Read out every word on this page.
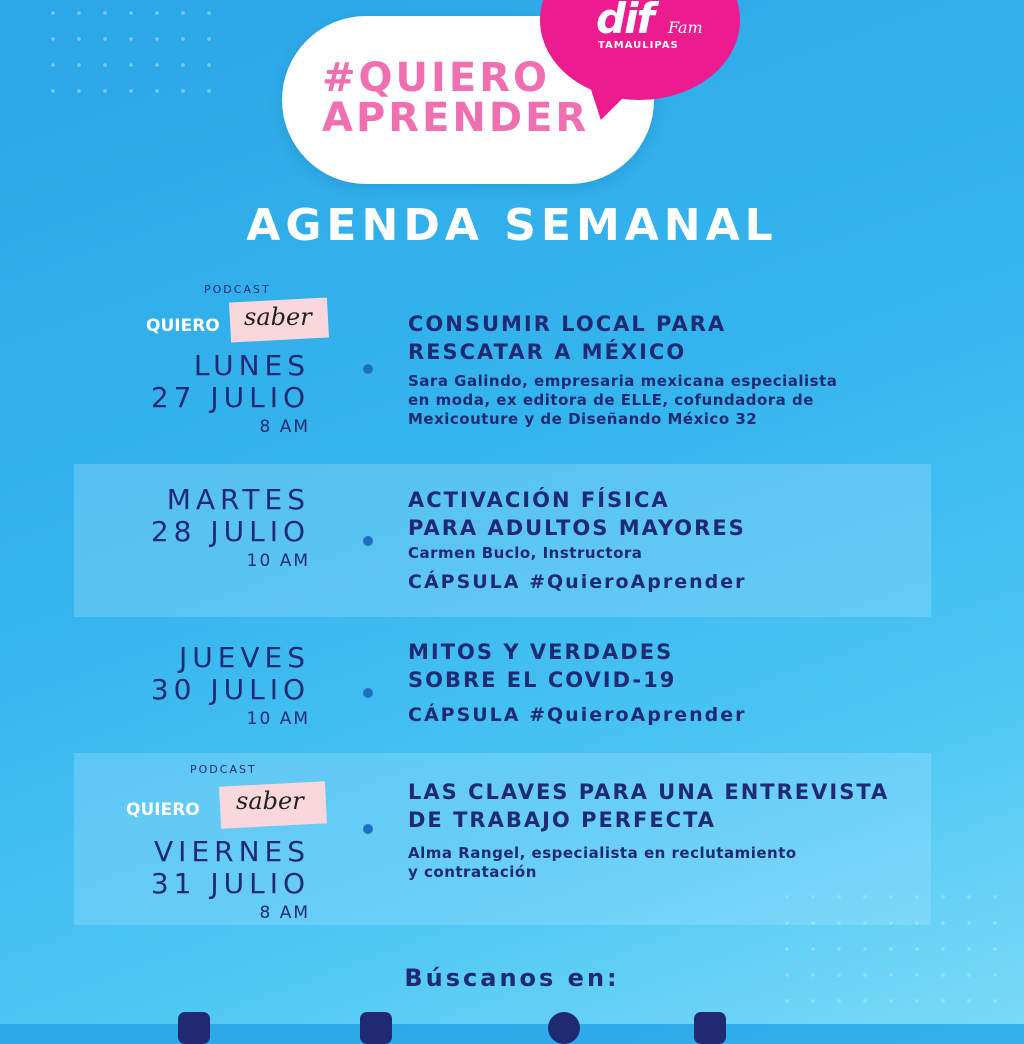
#QUIERO
APRENDER
dif Fam
TAMAULIPAS
AGENDA SEMANAL
PODCAST
QUIERO saber
LUNES
27 JULIO
8 AM
CONSUMIR LOCAL PARA
RESCATAR A MÉXICO
Sara Galindo, empresaria mexicana especialista
en moda, ex editora de ELLE, cofundadora de
Mexicouture y de Diseñando México 32
MARTES
28 JULIO
10 AM
ACTIVACIÓN FÍSICA
PARA ADULTOS MAYORES
Carmen Buclo, Instructora
CÁPSULA #QuieroAprender
JUEVES
30 JULIO
10 AM
MITOS Y VERDADES
SOBRE EL COVID-19
CÁPSULA #QuieroAprender
PODCAST
QUIERO saber
VIERNES
31 JULIO
8 AM
LAS CLAVES PARA UNA ENTREVISTA
DE TRABAJO PERFECTA
Alma Rangel, especialista en reclutamiento
y contratación
Búscanos en:
